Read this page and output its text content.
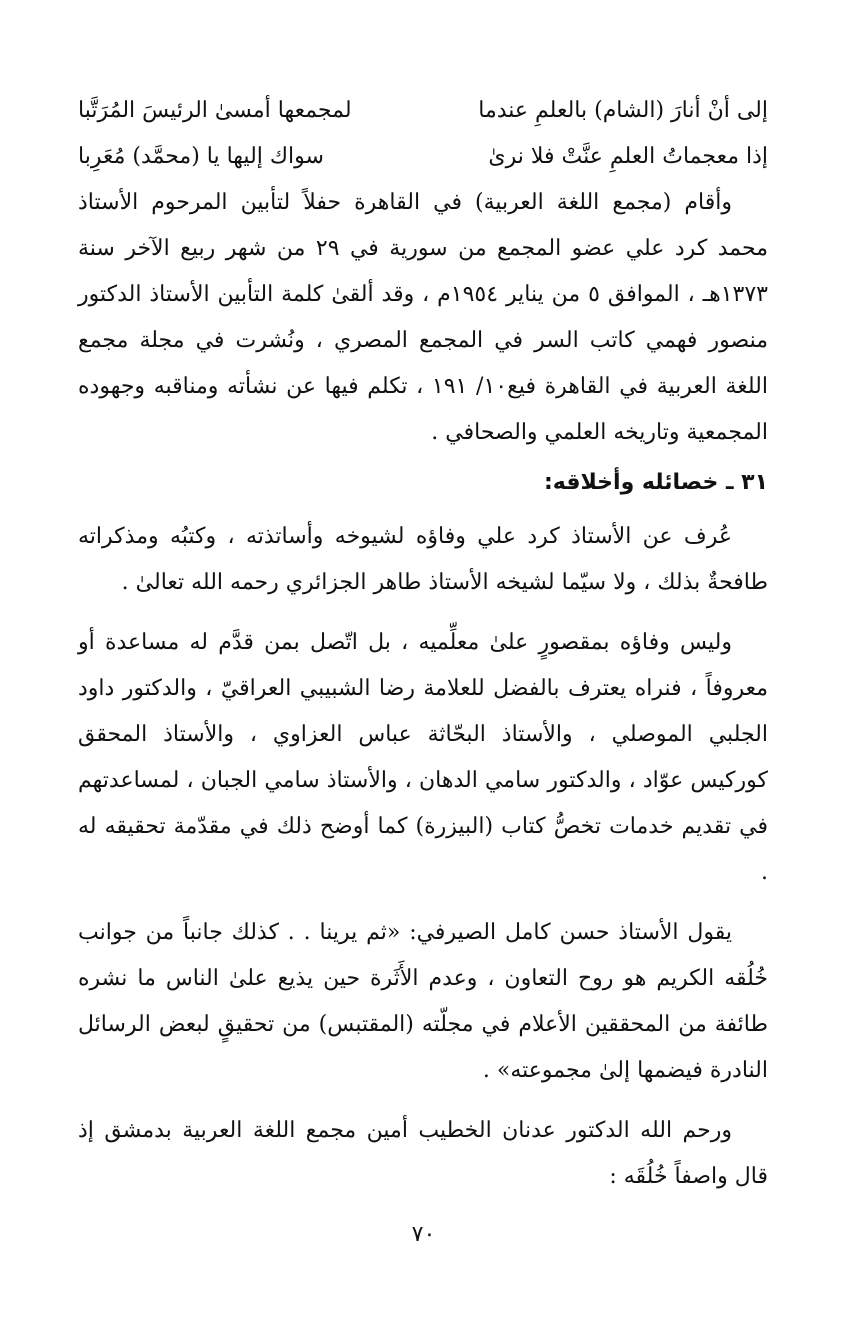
إلى أنْ أنارَ (الشام) بالعلمِ عندما
لمجمعها أمسىٰ الرئيسَ المُرَتَّبا
إذا معجماتُ العلمِ عنَّتْ فلا نرىٰ
سواك إليها يا (محمَّد) مُعَرِبا

وأقام (مجمع اللغة العربية) في القاهرة حفلاً لتأبين المرحوم الأستاذ محمد كرد علي عضو المجمع من سورية في ٢٩ من شهر ربيع الآخر سنة ١٣٧٣هـ ، الموافق ٥ من يناير ١٩٥٤م ، وقد ألقىٰ كلمة التأبين الأستاذ الدكتور منصور فهمي كاتب السر في المجمع المصري ، ونُشرت في مجلة مجمع اللغة العربية في القاهرة فيع١٠/ ١٩١ ، تكلم فيها عن نشأته ومناقبه وجهوده المجمعية وتاريخه العلمي والصحافي .

٣١ ـ خصائله وأخلاقه:

عُرف عن الأستاذ كرد علي وفاؤه لشيوخه وأساتذته ، وكتبُه ومذكراته طافحةٌ بذلك ، ولا سيّما لشيخه الأستاذ طاهر الجزائري رحمه الله تعالىٰ .

وليس وفاؤه بمقصورٍ علىٰ معلِّميه ، بل اتّصل بمن قدَّم له مساعدة أو معروفاً ، فنراه يعترف بالفضل للعلامة رضا الشبيبي العراقيّ ، والدكتور داود الجلبي الموصلي ، والأستاذ البحّاثة عباس العزاوي ، والأستاذ المحقق كوركيس عوّاد ، والدكتور سامي الدهان ، والأستاذ سامي الجبان ، لمساعدتهم في تقديم خدمات تخصُّ كتاب (البيزرة) كما أوضح ذلك في مقدّمة تحقيقه له .

يقول الأستاذ حسن كامل الصيرفي: «ثم يرينا . . كذلك جانباً من جوانب خُلُقه الكريم هو روح التعاون ، وعدم الأَثَرة حين يذيع علىٰ الناس ما نشره طائفة من المحققين الأعلام في مجلّته (المقتبس) من تحقيقٍ لبعض الرسائل النادرة فيضمها إلىٰ مجموعته» .

ورحم الله الدكتور عدنان الخطيب أمين مجمع اللغة العربية بدمشق إذ قال واصفاً خُلُقَه :

٧٠
